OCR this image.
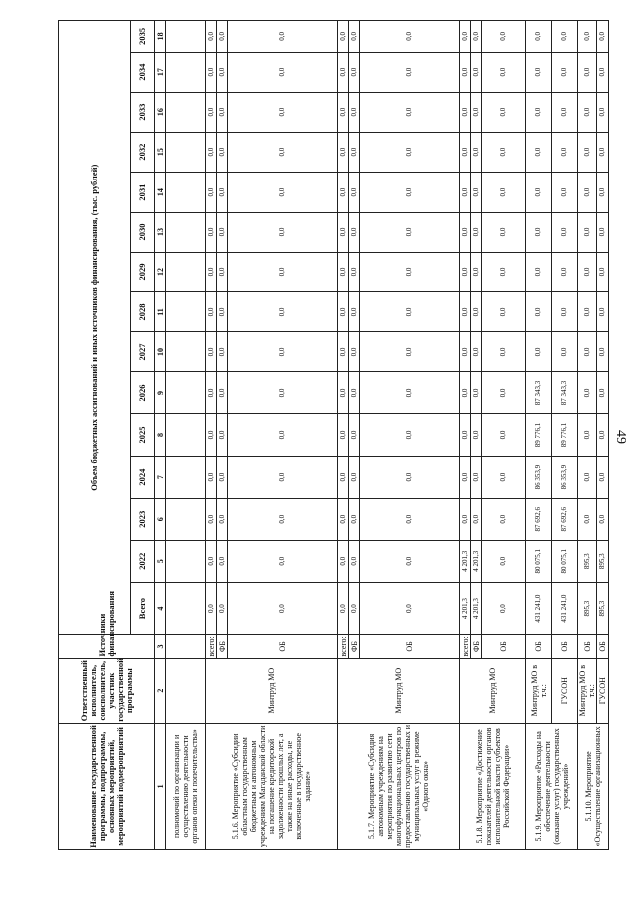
49
Наименование государственной программы, подпрограммы, основных мероприятий, мероприятий подмероприятий	Ответственный исполнитель, соисполнитель, участник государственной программы	Источники финансирования	Объем бюджетных ассигнований и иных источников финансирования, (тыс. рублей)														
			Всего	2022	2023	2024	2025	2026	2027	2028	2029	2030	2031	2032	2033	2034	2035
1	2	3	4	5	6	7	8	9	10	11	12	13	14	15	16	17	18
полномочий по организации и осуществлению деятельности органов опеки и попечительства»																	
5.1.6. Мероприятие «Субсидии областным государственным бюджетным и автономным учреждениям Магаданской области на погашение кредиторской задолженности прошлых лет, а также на иные расходы, не включенные в государственное задание»	Минтруд МО	всего:	0,0	0,0	0,0	0,0	0,0	0,0	0,0	0,0	0,0	0,0	0,0	0,0	0,0	0,0	0,0
		ФБ	0,0	0,0	0,0	0,0	0,0	0,0	0,0	0,0	0,0	0,0	0,0	0,0	0,0	0,0	0,0
		ОБ	0,0	0,0	0,0	0,0	0,0	0,0	0,0	0,0	0,0	0,0	0,0	0,0	0,0	0,0	0,0
5.1.7. Мероприятие «Субсидия автономным учреждениям на мероприятия по развитию сети многофункциональных центров по предоставлению государственных и муниципальных услуг в режиме «Одного окна»	Минтруд МО	всего:	0,0	0,0	0,0	0,0	0,0	0,0	0,0	0,0	0,0	0,0	0,0	0,0	0,0	0,0	0,0
		ФБ	0,0	0,0	0,0	0,0	0,0	0,0	0,0	0,0	0,0	0,0	0,0	0,0	0,0	0,0	0,0
		ОБ	0,0	0,0	0,0	0,0	0,0	0,0	0,0	0,0	0,0	0,0	0,0	0,0	0,0	0,0	0,0
5.1.8. Мероприятие «Достижение показателей деятельности органов исполнительной власти субъектов Российской Федерации»	Минтруд МО	всего:	4 201,3	4 201,3	0,0	0,0	0,0	0,0	0,0	0,0	0,0	0,0	0,0	0,0	0,0	0,0	0,0
		ФБ	4 201,3	4 201,3	0,0	0,0	0,0	0,0	0,0	0,0	0,0	0,0	0,0	0,0	0,0	0,0	0,0
		ОБ	0,0	0,0	0,0	0,0	0,0	0,0	0,0	0,0	0,0	0,0	0,0	0,0	0,0	0,0	0,0
5.1.9. Мероприятие «Расходы на обеспечение деятельности (оказание услуг) государственных учреждений»	Минтруд МО в т.ч.:	ОБ	431 241,0	80 075,1	87 692,6	86 353,9	89 776,1	87 343,3	0,0	0,0	0,0	0,0	0,0	0,0	0,0	0,0	0,0
	ГУСОН	ОБ	431 241,0	80 075,1	87 692,6	86 353,9	89 776,1	87 343,3	0,0	0,0	0,0	0,0	0,0	0,0	0,0	0,0	0,0
5.1.10. Мероприятие «Осуществление организационных	Минтруд МО в т.ч.:	ОБ	895,3	895,3	0,0	0,0	0,0	0,0	0,0	0,0	0,0	0,0	0,0	0,0	0,0	0,0	0,0
	ГУСОН	ОБ	895,3	895,3	0,0	0,0	0,0	0,0	0,0	0,0	0,0	0,0	0,0	0,0	0,0	0,0	0,0
